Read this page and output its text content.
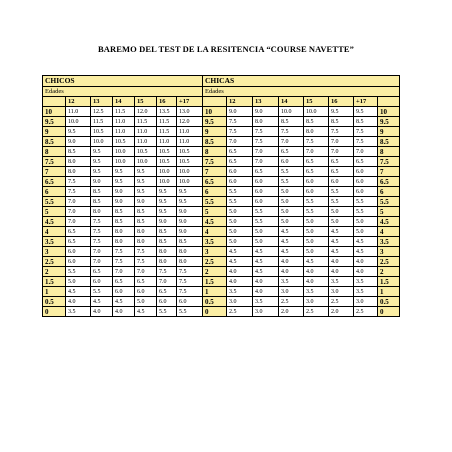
BAREMO DEL TEST DE LA RESITENCIA “COURSE NAVETTE”
CHICOS							CHICAS							
Edades							Edades							
	12	13	14	15	16	+17		12	13	14	15	16	+17	
10	11.0	12.5	11.5	12.0	13.5	13.0	10	9.0	9.0	10.0	10.0	9.5	9.5	10
9.5	10.0	11.5	11.0	11.5	11.5	12.0	9.5	7.5	8.0	8.5	8.5	8.5	8.5	9.5
9	9.5	10.5	11.0	11.0	11.5	11.0	9	7.5	7.5	7.5	8.0	7.5	7.5	9
8.5	9.0	10.0	10.5	11.0	11.0	11.0	8.5	7.0	7.5	7.0	7.5	7.0	7.5	8.5
8	8.5	9.5	10.0	10.5	10.5	10.5	8	6.5	7.0	6.5	7.0	7.0	7.0	8
7.5	8.0	9.5	10.0	10.0	10.5	10.5	7.5	6.5	7.0	6.0	6.5	6.5	6.5	7.5
7	8.0	9.5	9.5	9.5	10.0	10.0	7	6.0	6.5	5.5	6.5	6.5	6.0	7
6.5	7.5	9.0	9.5	9.5	10.0	10.0	6.5	6.0	6.0	5.5	6.0	6.0	6.0	6.5
6	7.5	8.5	9.0	9.5	9.5	9.5	6	5.5	6.0	5.0	6.0	5.5	6.0	6
5.5	7.0	8.5	9.0	9.0	9.5	9.5	5.5	5.5	6.0	5.0	5.5	5.5	5.5	5.5
5	7.0	8.0	8.5	8.5	9.5	9.0	5	5.0	5.5	5.0	5.5	5.0	5.5	5
4.5	7.0	7.5	8.5	8.5	9.0	9.0	4.5	5.0	5.5	5.0	5.0	5.0	5.0	4.5
4	6.5	7.5	8.0	8.0	8.5	9.0	4	5.0	5.0	4.5	5.0	4.5	5.0	4
3.5	6.5	7.5	8.0	8.0	8.5	8.5	3.5	5.0	5.0	4.5	5.0	4.5	4.5	3.5
3	6.0	7.0	7.5	7.5	8.0	8.0	3	4.5	4.5	4.5	5.0	4.5	4.5	3
2.5	6.0	7.0	7.5	7.5	8.0	8.0	2.5	4.5	4.5	4.0	4.5	4.0	4.0	2.5
2	5.5	6.5	7.0	7.0	7.5	7.5	2	4.0	4.5	4.0	4.0	4.0	4.0	2
1.5	5.0	6.0	6.5	6.5	7.0	7.5	1.5	4.0	4.0	3.5	4.0	3.5	3.5	1.5
1	4.5	5.5	6.0	6.0	6.5	7.5	1	3.5	4.0	3.0	3.5	3.0	3.5	1
0.5	4.0	4.5	4.5	5.0	6.0	6.0	0.5	3.0	3.5	2.5	3.0	2.5	3.0	0.5
0	3.5	4.0	4.0	4.5	5.5	5.5	0	2.5	3.0	2.0	2.5	2.0	2.5	0
